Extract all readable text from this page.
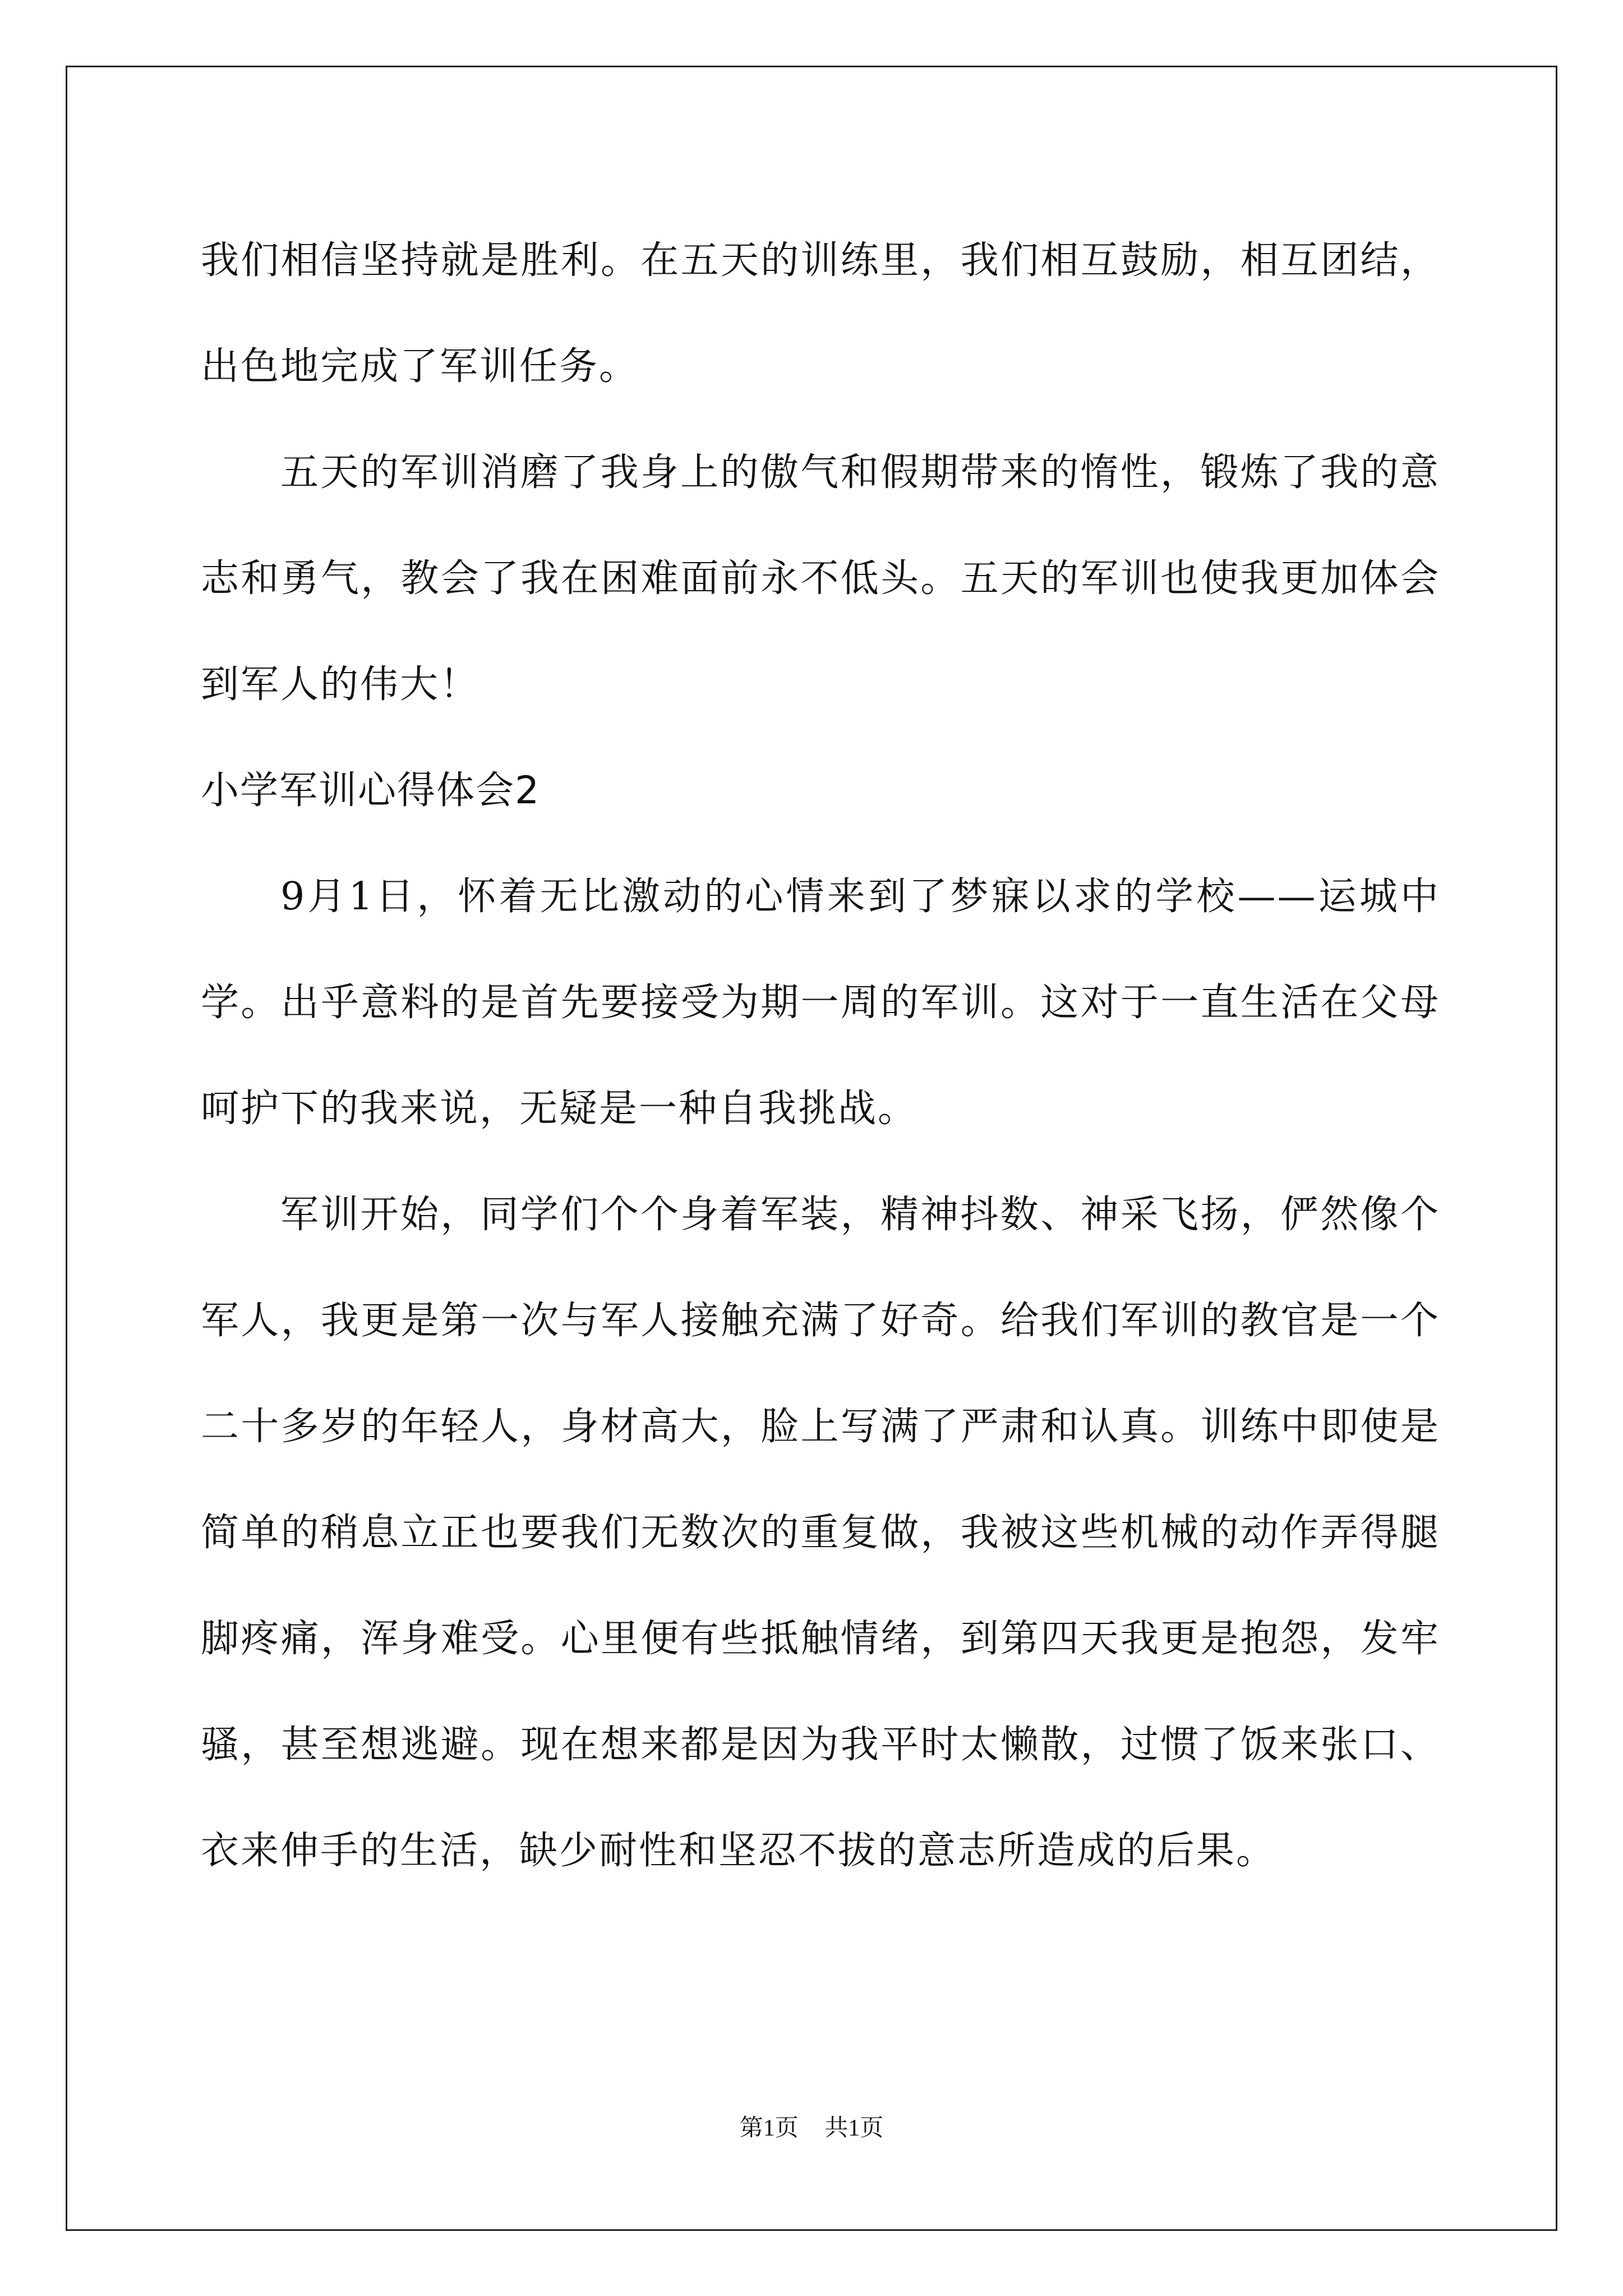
我们相信坚持就是胜利。在五天的训练里，我们相互鼓励，相互团结，出色地完成了军训任务。

五天的军训消磨了我身上的傲气和假期带来的惰性，锻炼了我的意志和勇气，教会了我在困难面前永不低头。五天的军训也使我更加体会到军人的伟大！

小学军训心得体会2

9月1日，怀着无比激动的心情来到了梦寐以求的学校——运城中学。出乎意料的是首先要接受为期一周的军训。这对于一直生活在父母呵护下的我来说，无疑是一种自我挑战。

军训开始，同学们个个身着军装，精神抖数、神采飞扬，俨然像个军人，我更是第一次与军人接触充满了好奇。给我们军训的教官是一个二十多岁的年轻人，身材高大，脸上写满了严肃和认真。训练中即使是简单的稍息立正也要我们无数次的重复做，我被这些机械的动作弄得腿脚疼痛，浑身难受。心里便有些抵触情绪，到第四天我更是抱怨，发牢骚，甚至想逃避。现在想来都是因为我平时太懒散，过惯了饭来张口、衣来伸手的生活，缺少耐性和坚忍不拔的意志所造成的后果。

第1页 共1页
